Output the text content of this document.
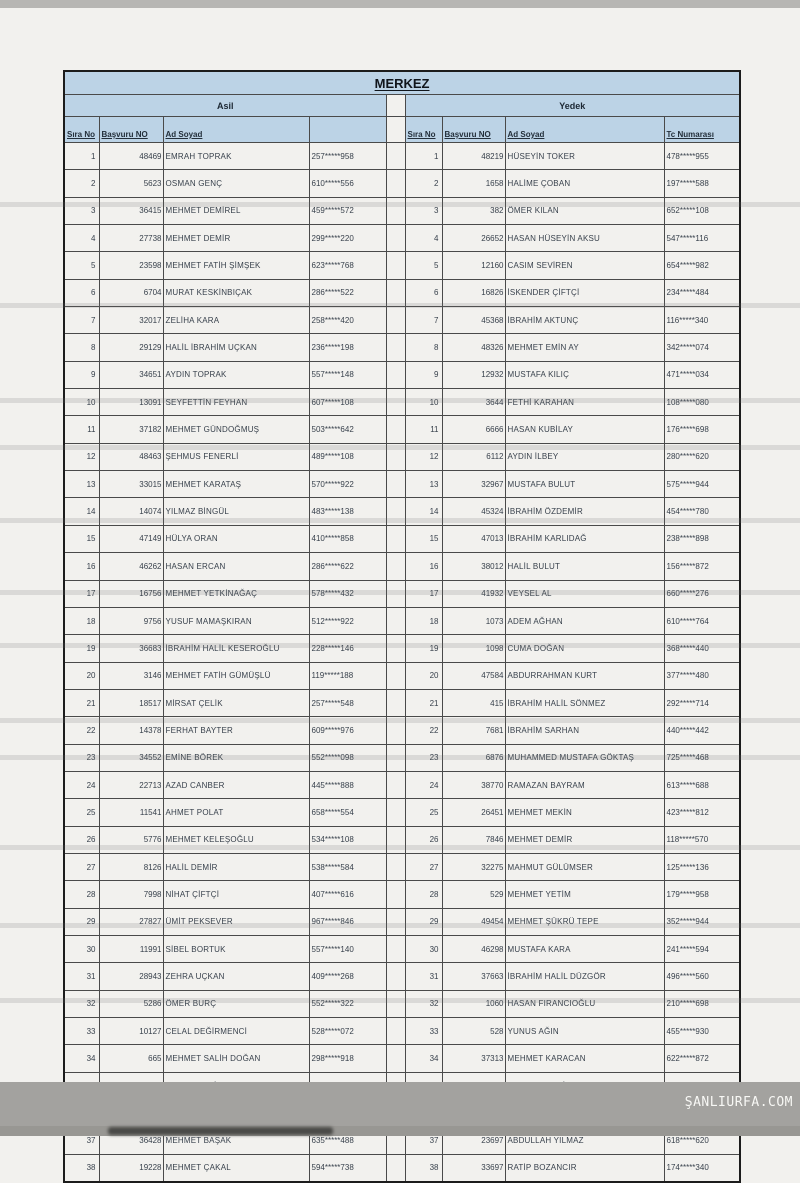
MERKEZ								
Asil					Yedek			
Sıra No	Başvuru NO	Ad Soyad			Sıra No	Başvuru NO	Ad Soyad	Tc Numarası
1	48469	EMRAH TOPRAK	257*****958		1	48219	HÜSEYİN TOKER	478*****955
2	5623	OSMAN GENÇ	610*****556		2	1658	HALİME ÇOBAN	197*****588
3	36415	MEHMET DEMİREL	459*****572		3	382	ÖMER KILAN	652*****108
4	27738	MEHMET DEMİR	299*****220		4	26652	HASAN HÜSEYİN AKSU	547*****116
5	23598	MEHMET FATİH ŞİMŞEK	623*****768		5	12160	CASIM SEVİREN	654*****982
6	6704	MURAT KESKİNBIÇAK	286*****522		6	16826	İSKENDER ÇİFTÇİ	234*****484
7	32017	ZELİHA KARA	258*****420		7	45368	İBRAHİM AKTUNÇ	116*****340
8	29129	HALİL İBRAHİM UÇKAN	236*****198		8	48326	MEHMET EMİN AY	342*****074
9	34651	AYDIN TOPRAK	557*****148		9	12932	MUSTAFA KILIÇ	471*****034
10	13091	SEYFETTİN FEYHAN	607*****108		10	3644	FETHİ KARAHAN	108*****080
11	37182	MEHMET GÜNDOĞMUŞ	503*****642		11	6666	HASAN KUBİLAY	176*****698
12	48463	ŞEHMUS FENERLİ	489*****108		12	6112	AYDIN İLBEY	280*****620
13	33015	MEHMET KARATAŞ	570*****922		13	32967	MUSTAFA BULUT	575*****944
14	14074	YILMAZ BİNGÜL	483*****138		14	45324	İBRAHİM ÖZDEMİR	454*****780
15	47149	HÜLYA ORAN	410*****858		15	47013	İBRAHİM KARLIDAĞ	238*****898
16	46262	HASAN ERCAN	286*****622		16	38012	HALİL BULUT	156*****872
17	16756	MEHMET YETKİNAĞAÇ	578*****432		17	41932	VEYSEL AL	660*****276
18	9756	YUSUF MAMAŞKIRAN	512*****922		18	1073	ADEM AĞHAN	610*****764
19	36683	İBRAHİM HALİL KESEROĞLU	228*****146		19	1098	CUMA DOĞAN	368*****440
20	3146	MEHMET FATİH GÜMÜŞLÜ	119*****188		20	47584	ABDURRAHMAN KURT	377*****480
21	18517	MİRSAT ÇELİK	257*****548		21	415	İBRAHİM HALİL SÖNMEZ	292*****714
22	14378	FERHAT BAYTER	609*****976		22	7681	İBRAHİM SARHAN	440*****442
23	34552	EMİNE BÖREK	552*****098		23	6876	MUHAMMED MUSTAFA GÖKTAŞ	725*****468
24	22713	AZAD CANBER	445*****888		24	38770	RAMAZAN BAYRAM	613*****688
25	11541	AHMET POLAT	658*****554		25	26451	MEHMET MEKİN	423*****812
26	5776	MEHMET KELEŞOĞLU	534*****108		26	7846	MEHMET DEMİR	118*****570
27	8126	HALİL DEMİR	538*****584		27	32275	MAHMUT GÜLÜMSER	125*****136
28	7998	NİHAT ÇİFTÇİ	407*****616		28	529	MEHMET YETİM	179*****958
29	27827	ÜMİT PEKSEVER	967*****846		29	49454	MEHMET ŞÜKRÜ TEPE	352*****944
30	11991	SİBEL BORTUK	557*****140		30	46298	MUSTAFA KARA	241*****594
31	28943	ZEHRA UÇKAN	409*****268		31	37663	İBRAHİM HALİL DÜZGÖR	496*****560
32	5286	ÖMER BURÇ	552*****322		32	1060	HASAN FIRANCIOĞLU	210*****698
33	10127	CELAL DEĞİRMENCİ	528*****072		33	528	YUNUS AĞIN	455*****930
34	665	MEHMET SALİH DOĞAN	298*****918		34	37313	MEHMET KARACAN	622*****872

37	36428	MEHMET BAŞAK	635*****488		37	23697	ABDULLAH YILMAZ	618*****620
38	19228	MEHMET ÇAKAL	594*****738		38	33697	RATİP BOZANCIR	174*****340
ŞANLIURFA.COM
